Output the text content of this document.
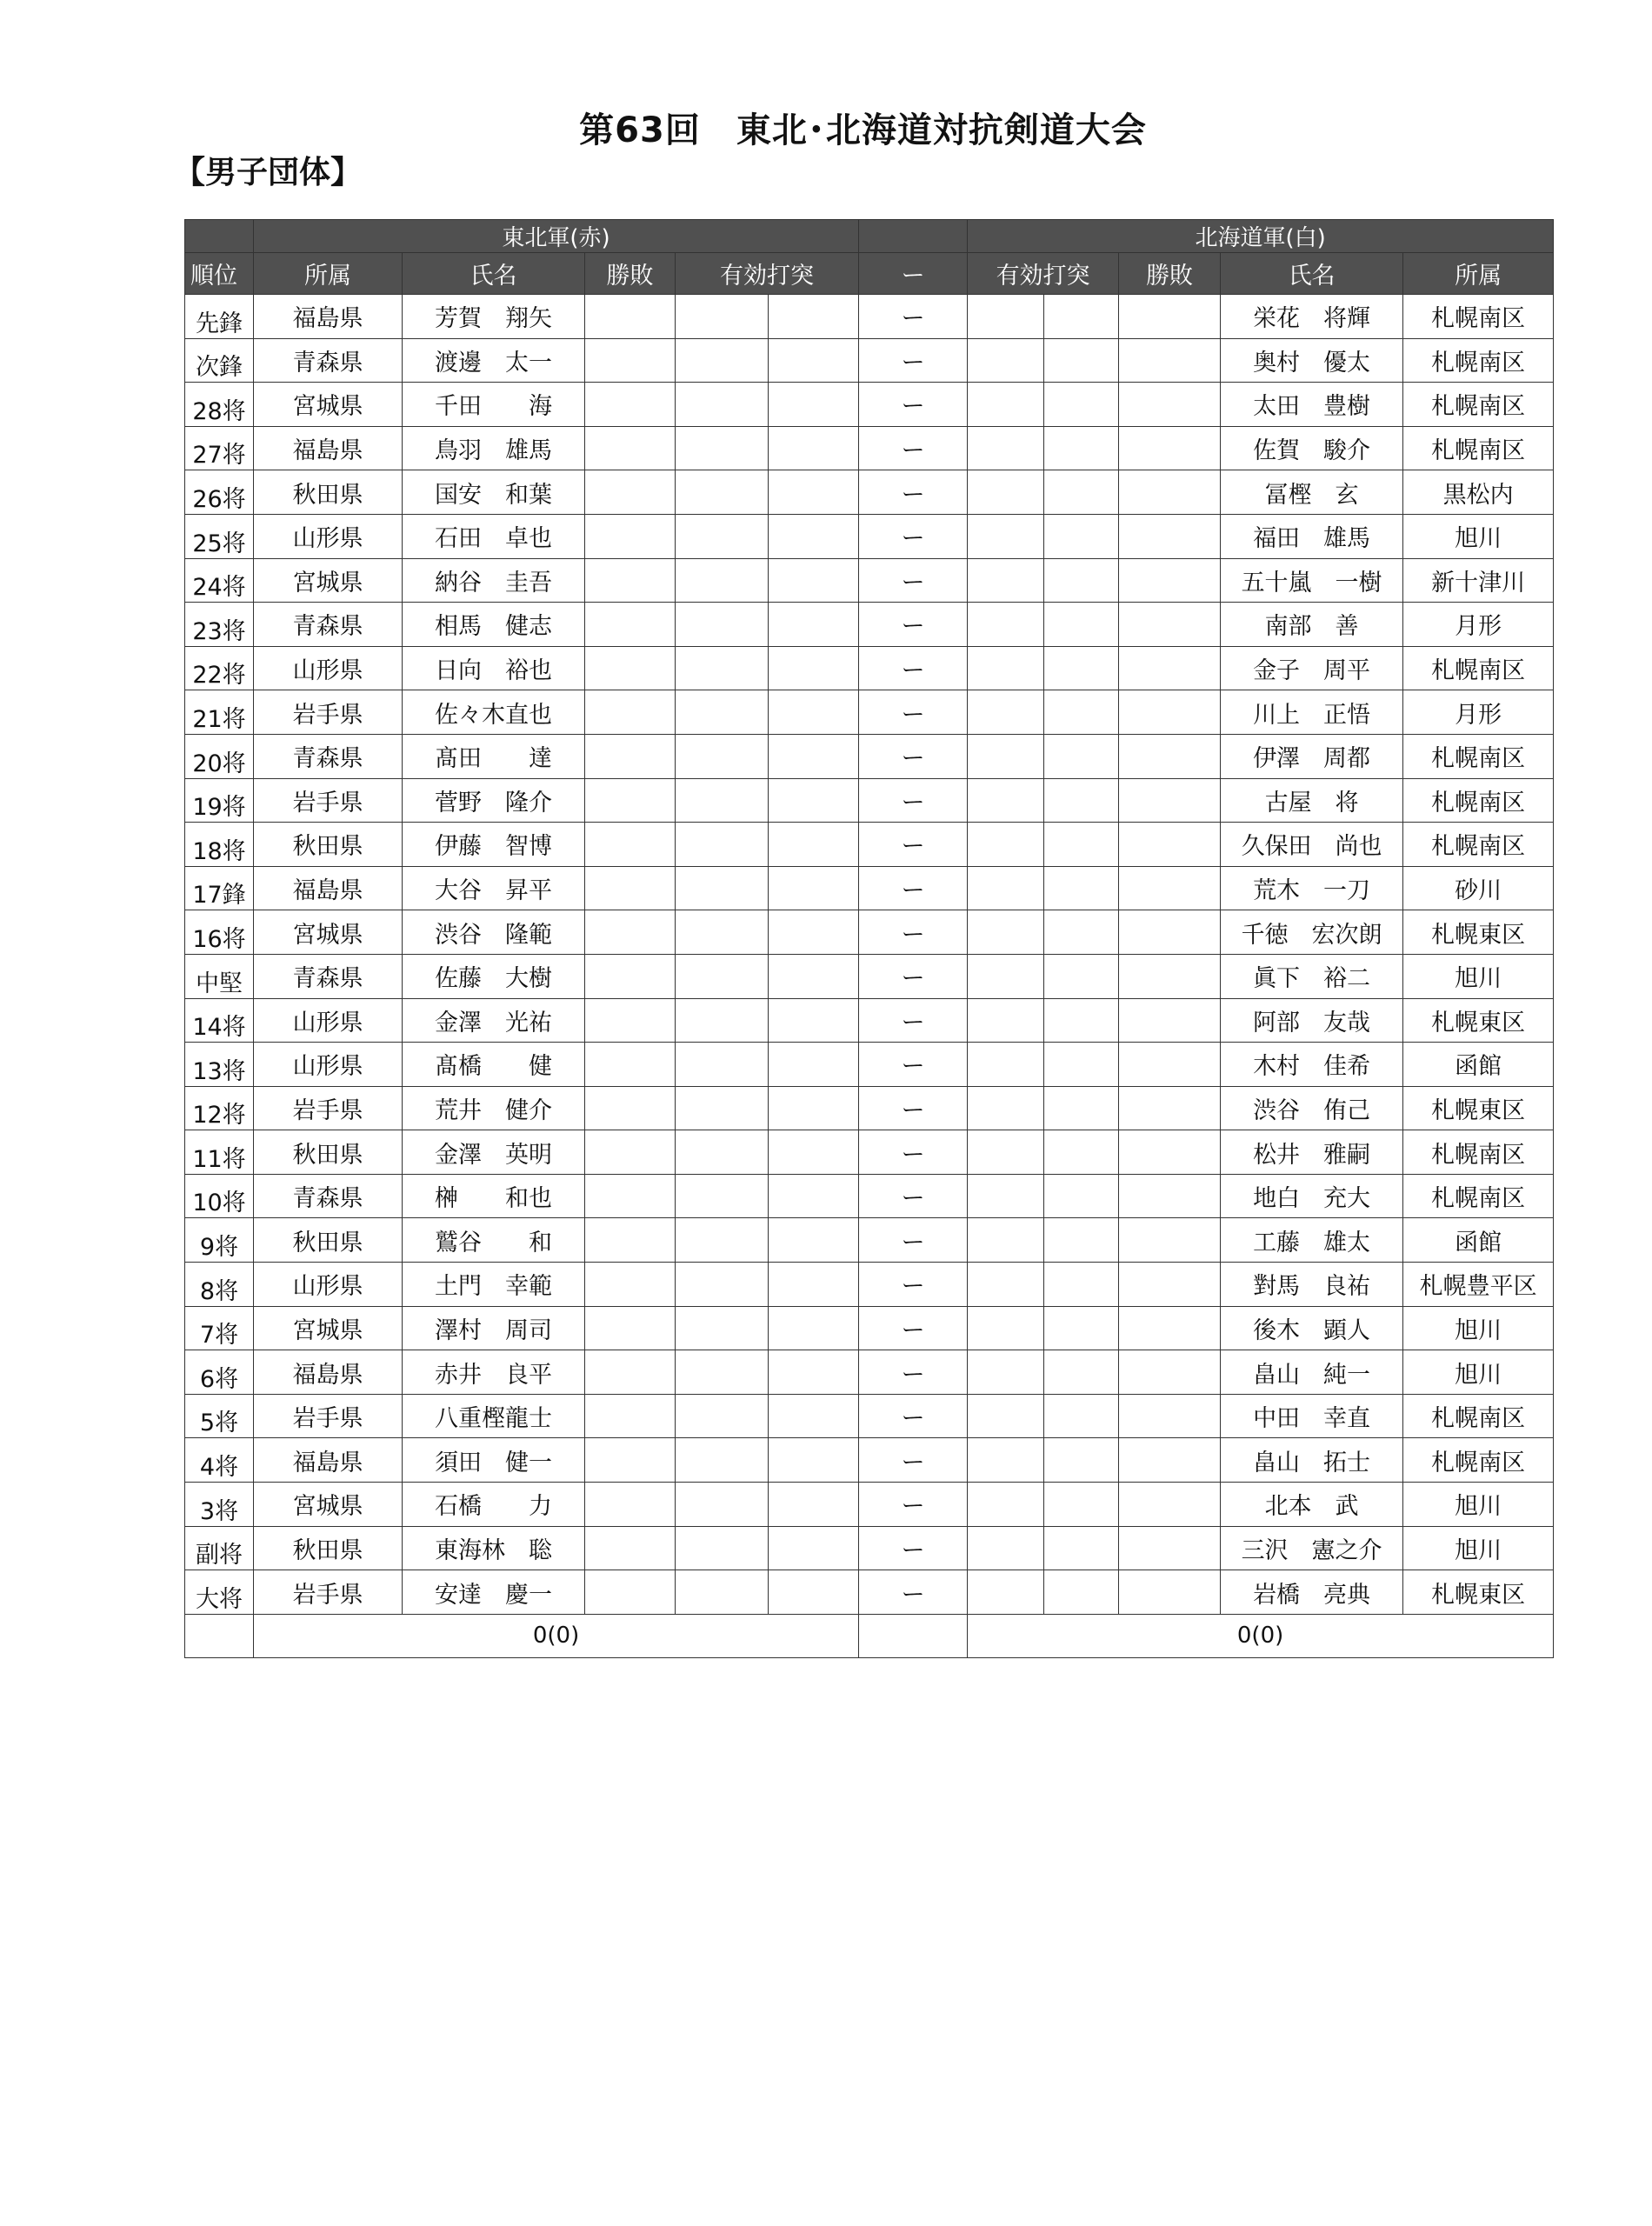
第63回　東北･北海道対抗剣道大会
【男子団体】
	東北軍(赤)						北海道軍(白)				
順位	所属	氏名	勝敗	有効打突		ー	有効打突		勝敗	氏名	所属
先鋒	福島県	芳賀　翔矢				ー				栄花　将輝	札幌南区
次鋒	青森県	渡邊　太一				ー				奥村　優太	札幌南区
28将	宮城県	千田　　海				ー				太田　豊樹	札幌南区
27将	福島県	鳥羽　雄馬				ー				佐賀　駿介	札幌南区
26将	秋田県	国安　和葉				ー				冨樫　玄	黒松内
25将	山形県	石田　卓也				ー				福田　雄馬	旭川
24将	宮城県	納谷　圭吾				ー				五十嵐　一樹	新十津川
23将	青森県	相馬　健志				ー				南部　善	月形
22将	山形県	日向　裕也				ー				金子　周平	札幌南区
21将	岩手県	佐々木直也				ー				川上　正悟	月形
20将	青森県	髙田　　達				ー				伊澤　周都	札幌南区
19将	岩手県	菅野　隆介				ー				古屋　将	札幌南区
18将	秋田県	伊藤　智博				ー				久保田　尚也	札幌南区
17鋒	福島県	大谷　昇平				ー				荒木　一刀	砂川
16将	宮城県	渋谷　隆範				ー				千徳　宏次朗	札幌東区
中堅	青森県	佐藤　大樹				ー				眞下　裕二	旭川
14将	山形県	金澤　光祐				ー				阿部　友哉	札幌東区
13将	山形県	髙橋　　健				ー				木村　佳希	函館
12将	岩手県	荒井　健介				ー				渋谷　侑己	札幌東区
11将	秋田県	金澤　英明				ー				松井　雅嗣	札幌南区
10将	青森県	榊　　和也				ー				地白　充大	札幌南区
9将	秋田県	鷲谷　　和				ー				工藤　雄太	函館
8将	山形県	土門　幸範				ー				對馬　良祐	札幌豊平区
7将	宮城県	澤村　周司				ー				後木　顕人	旭川
6将	福島県	赤井　良平				ー				畠山　純一	旭川
5将	岩手県	八重樫龍士				ー				中田　幸直	札幌南区
4将	福島県	須田　健一				ー				畠山　拓士	札幌南区
3将	宮城県	石橋　　力				ー				北本　武	旭川
副将	秋田県	東海林　聡				ー				三沢　憲之介	旭川
大将	岩手県	安達　慶一				ー				岩橋　亮典	札幌東区
	0(0)						0(0)				
